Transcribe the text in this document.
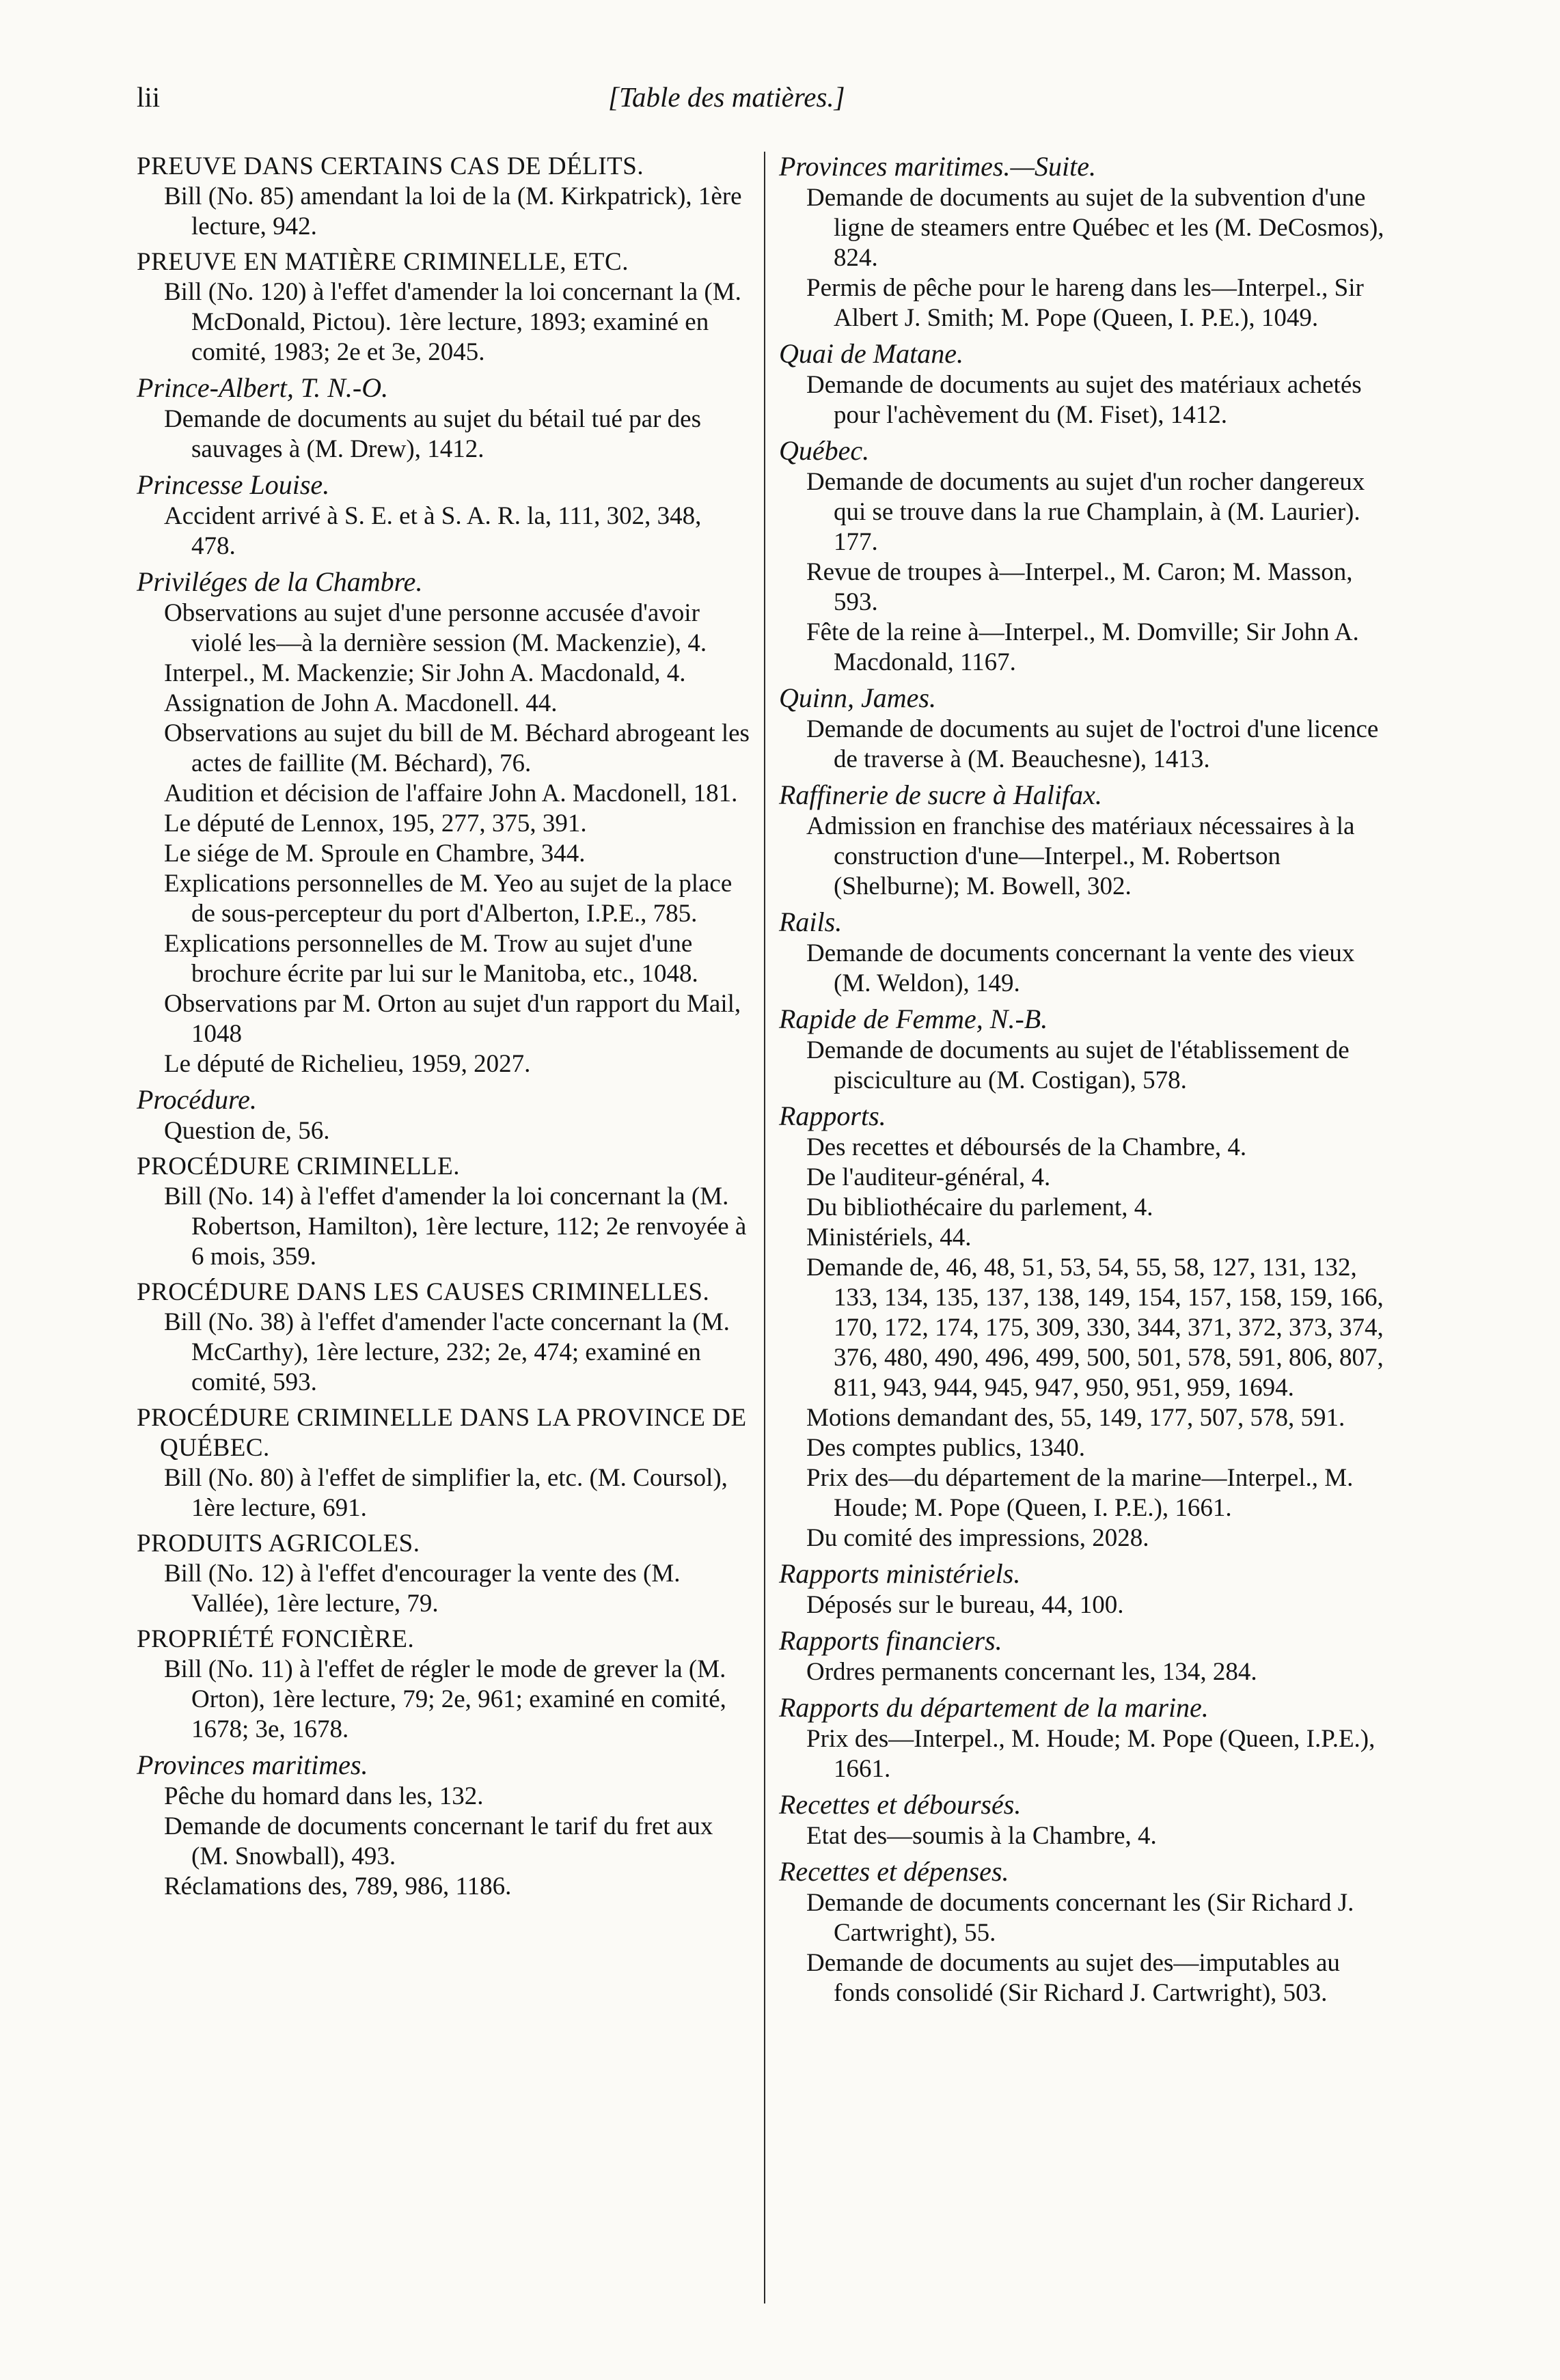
lii	[Table des matières.]
PREUVE DANS CERTAINS CAS DE DÉLITS.
Bill (No. 85) amendant la loi de la (M. Kirkpatrick), 1ère lecture, 942.
PREUVE EN MATIÈRE CRIMINELLE, ETC.
Bill (No. 120) à l'effet d'amender la loi concernant la (M. McDonald, Pictou). 1ère lecture, 1893; examiné en comité, 1983; 2e et 3e, 2045.
Prince-Albert, T. N.-O.
Demande de documents au sujet du bétail tué par des sauvages à (M. Drew), 1412.
Princesse Louise.
Accident arrivé à S. E. et à S. A. R. la, 111, 302, 348, 478.
Priviléges de la Chambre.
Observations au sujet d'une personne accusée d'avoir violé les—à la dernière session (M. Mackenzie), 4.
Interpel., M. Mackenzie; Sir John A. Macdonald, 4.
Assignation de John A. Macdonell. 44.
Observations au sujet du bill de M. Béchard abrogeant les actes de faillite (M. Béchard), 76.
Audition et décision de l'affaire John A. Macdonell, 181.
Le député de Lennox, 195, 277, 375, 391.
Le siége de M. Sproule en Chambre, 344.
Explications personnelles de M. Yeo au sujet de la place de sous-percepteur du port d'Alberton, I.P.E., 785.
Explications personnelles de M. Trow au sujet d'une brochure écrite par lui sur le Manitoba, etc., 1048.
Observations par M. Orton au sujet d'un rapport du Mail, 1048
Le député de Richelieu, 1959, 2027.
Procédure.
Question de, 56.
PROCÉDURE CRIMINELLE.
Bill (No. 14) à l'effet d'amender la loi concernant la (M. Robertson, Hamilton), 1ère lecture, 112; 2e renvoyée à 6 mois, 359.
PROCÉDURE DANS LES CAUSES CRIMINELLES.
Bill (No. 38) à l'effet d'amender l'acte concernant la (M. McCarthy), 1ère lecture, 232; 2e, 474; examiné en comité, 593.
PROCÉDURE CRIMINELLE DANS LA PROVINCE DE QUÉBEC.
Bill (No. 80) à l'effet de simplifier la, etc. (M. Coursol), 1ère lecture, 691.
PRODUITS AGRICOLES.
Bill (No. 12) à l'effet d'encourager la vente des (M. Vallée), 1ère lecture, 79.
PROPRIÉTÉ FONCIÈRE.
Bill (No. 11) à l'effet de régler le mode de grever la (M. Orton), 1ère lecture, 79; 2e, 961; examiné en comité, 1678; 3e, 1678.
Provinces maritimes.
Pêche du homard dans les, 132.
Demande de documents concernant le tarif du fret aux (M. Snowball), 493.
Réclamations des, 789, 986, 1186.
Provinces maritimes.—Suite.
Demande de documents au sujet de la subvention d'une ligne de steamers entre Québec et les (M. DeCosmos), 824.
Permis de pêche pour le hareng dans les—Interpel., Sir Albert J. Smith; M. Pope (Queen, I. P.E.), 1049.
Quai de Matane.
Demande de documents au sujet des matériaux achetés pour l'achèvement du (M. Fiset), 1412.
Québec.
Demande de documents au sujet d'un rocher dangereux qui se trouve dans la rue Champlain, à (M. Laurier). 177.
Revue de troupes à—Interpel., M. Caron; M. Masson, 593.
Fête de la reine à—Interpel., M. Domville; Sir John A. Macdonald, 1167.
Quinn, James.
Demande de documents au sujet de l'octroi d'une licence de traverse à (M. Beauchesne), 1413.
Raffinerie de sucre à Halifax.
Admission en franchise des matériaux nécessaires à la construction d'une—Interpel., M. Robertson (Shelburne); M. Bowell, 302.
Rails.
Demande de documents concernant la vente des vieux (M. Weldon), 149.
Rapide de Femme, N.-B.
Demande de documents au sujet de l'établissement de pisciculture au (M. Costigan), 578.
Rapports.
Des recettes et déboursés de la Chambre, 4.
De l'auditeur-général, 4.
Du bibliothécaire du parlement, 4.
Ministériels, 44.
Demande de, 46, 48, 51, 53, 54, 55, 58, 127, 131, 132, 133, 134, 135, 137, 138, 149, 154, 157, 158, 159, 166, 170, 172, 174, 175, 309, 330, 344, 371, 372, 373, 374, 376, 480, 490, 496, 499, 500, 501, 578, 591, 806, 807, 811, 943, 944, 945, 947, 950, 951, 959, 1694.
Motions demandant des, 55, 149, 177, 507, 578, 591.
Des comptes publics, 1340.
Prix des—du département de la marine—Interpel., M. Houde; M. Pope (Queen, I. P.E.), 1661.
Du comité des impressions, 2028.
Rapports ministériels.
Déposés sur le bureau, 44, 100.
Rapports financiers.
Ordres permanents concernant les, 134, 284.
Rapports du département de la marine.
Prix des—Interpel., M. Houde; M. Pope (Queen, I.P.E.), 1661.
Recettes et déboursés.
Etat des—soumis à la Chambre, 4.
Recettes et dépenses.
Demande de documents concernant les (Sir Richard J. Cartwright), 55.
Demande de documents au sujet des—imputables au fonds consolidé (Sir Richard J. Cartwright), 503.
